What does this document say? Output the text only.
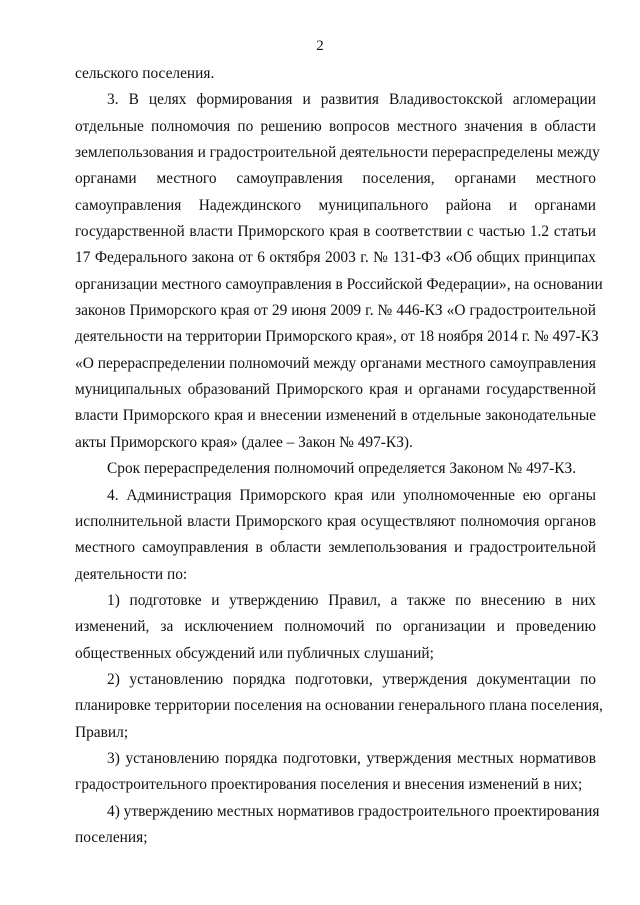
2
сельского поселения.
3. В целях формирования и развития Владивостокской агломерации
отдельные полномочия по решению вопросов местного значения в области
землепользования и градостроительной деятельности перераспределены между
органами местного самоуправления поселения, органами местного
самоуправления Надеждинского муниципального района и органами
государственной власти Приморского края в соответствии с частью 1.2 статьи
17 Федерального закона от 6 октября 2003 г. № 131-ФЗ «Об общих принципах
организации местного самоуправления в Российской Федерации», на основании
законов Приморского края от 29 июня 2009 г. № 446-КЗ «О градостроительной
деятельности на территории Приморского края», от 18 ноября 2014 г. № 497-КЗ
«О перераспределении полномочий между органами местного самоуправления
муниципальных образований Приморского края и органами государственной
власти Приморского края и внесении изменений в отдельные законодательные
акты Приморского края» (далее – Закон № 497-КЗ).
Срок перераспределения полномочий определяется Законом № 497-КЗ.
4. Администрация Приморского края или уполномоченные ею органы
исполнительной власти Приморского края осуществляют полномочия органов
местного самоуправления в области землепользования и градостроительной
деятельности по:
1) подготовке и утверждению Правил, а также по внесению в них
изменений, за исключением полномочий по организации и проведению
общественных обсуждений или публичных слушаний;
2) установлению порядка подготовки, утверждения документации по
планировке территории поселения на основании генерального плана поселения,
Правил;
3) установлению порядка подготовки, утверждения местных нормативов
градостроительного проектирования поселения и внесения изменений в них;
4) утверждению местных нормативов градостроительного проектирования
поселения;
